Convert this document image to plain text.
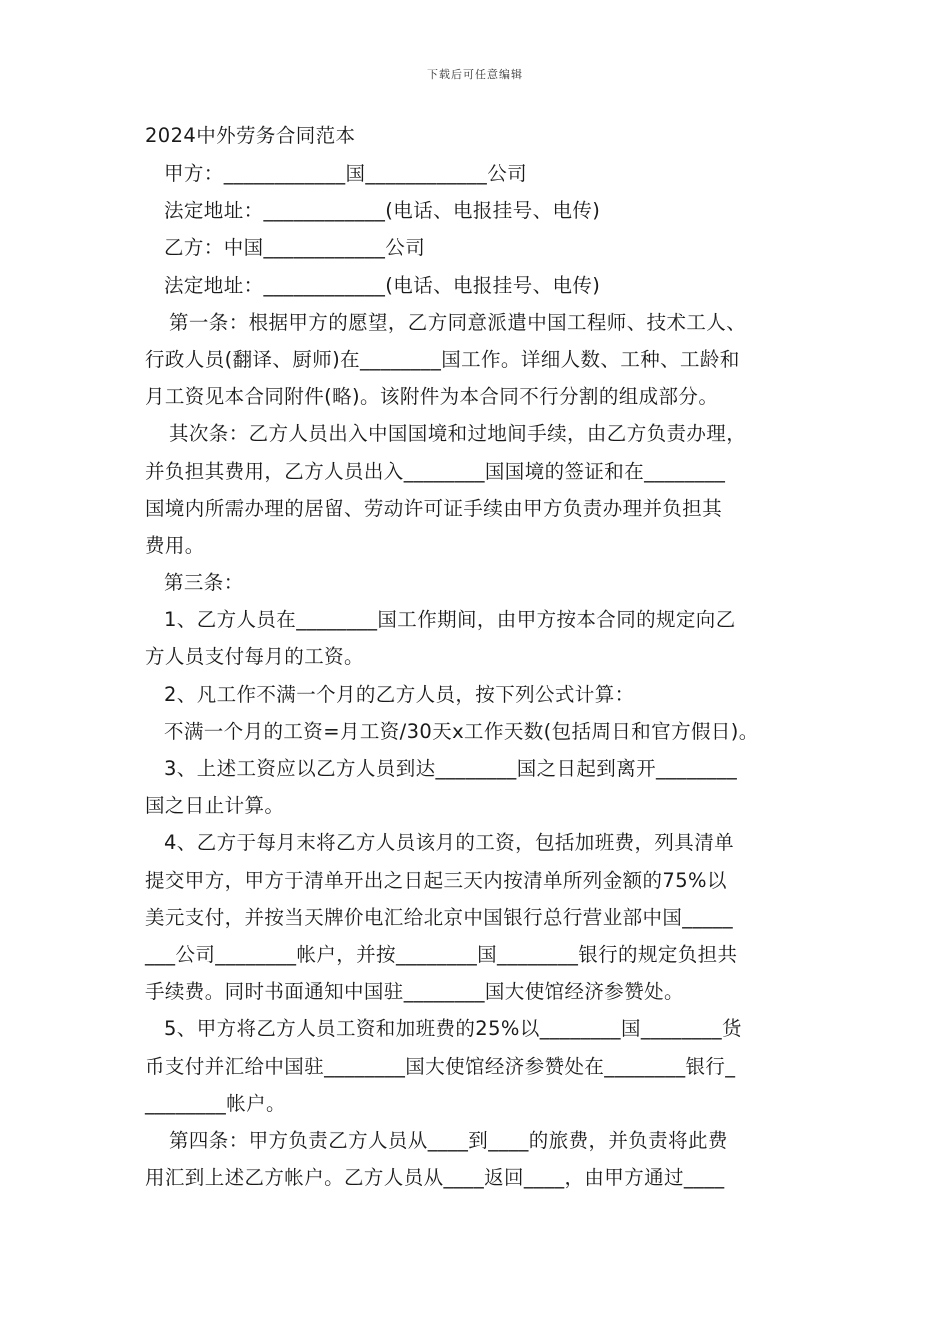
下载后可任意编辑
2024中外劳务合同范本
甲方：____________国____________公司
法定地址：____________(电话、电报挂号、电传)
乙方：中国____________公司
法定地址：____________(电话、电报挂号、电传)
第一条：根据甲方的愿望，乙方同意派遣中国工程师、技术工人、
行政人员(翻译、厨师)在________国工作。详细人数、工种、工龄和
月工资见本合同附件(略)。该附件为本合同不行分割的组成部分。
其次条：乙方人员出入中国国境和过地间手续，由乙方负责办理，
并负担其费用，乙方人员出入________国国境的签证和在________
国境内所需办理的居留、劳动许可证手续由甲方负责办理并负担其
费用。
第三条：
1、乙方人员在________国工作期间，由甲方按本合同的规定向乙
方人员支付每月的工资。
2、凡工作不满一个月的乙方人员，按下列公式计算：
不满一个月的工资=月工资/30天x工作天数(包括周日和官方假日)。
3、上述工资应以乙方人员到达________国之日起到离开________
国之日止计算。
4、乙方于每月末将乙方人员该月的工资，包括加班费，列具清单
提交甲方，甲方于清单开出之日起三天内按清单所列金额的75%以
美元支付，并按当天牌价电汇给北京中国银行总行营业部中国_____
___公司________帐户，并按________国________银行的规定负担共
手续费。同时书面通知中国驻________国大使馆经济参赞处。
5、甲方将乙方人员工资和加班费的25%以________国________货
币支付并汇给中国驻________国大使馆经济参赞处在________银行_
________帐户。
第四条：甲方负责乙方人员从____到____的旅费，并负责将此费
用汇到上述乙方帐户。乙方人员从____返回____，由甲方通过____
